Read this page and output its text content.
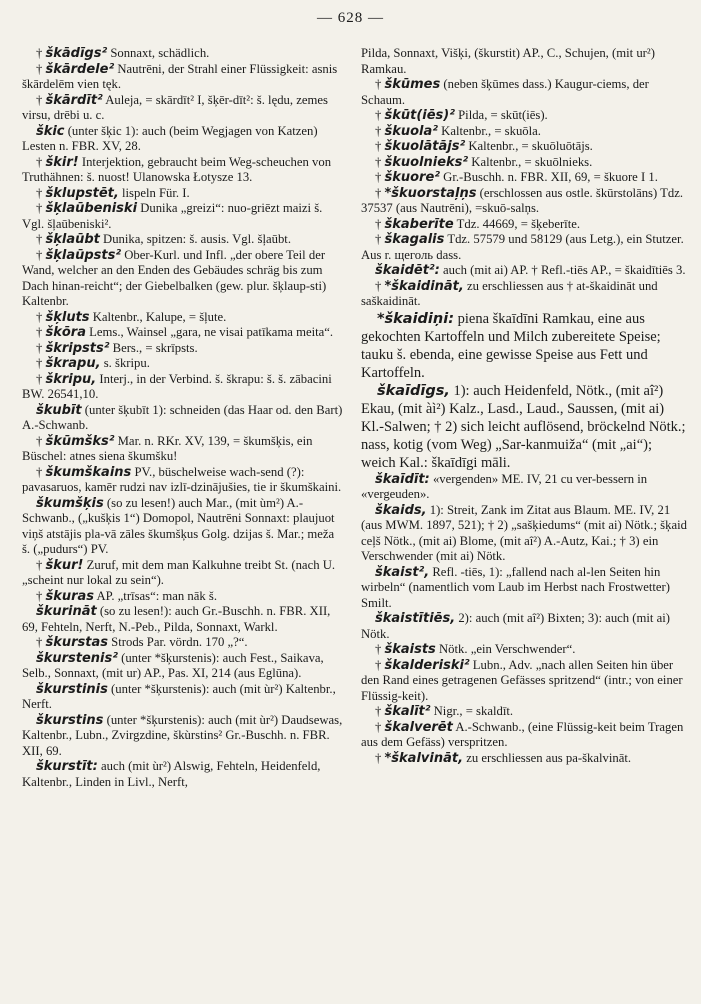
— 628 —

† škādīgs² Sonnaxt, schädlich.

† škārdele² Nautrēni, der Strahl einer Flüssigkeit: asnis škārdelēm vien tęk.

† škārdīt² Auleja, = skārdīt² I, šķēr-dīt²: š. lędu, zemes virsu, drēbi u. c.

škic (unter šķic 1): auch (beim Wegjagen von Katzen) Lesten n. FBR. XV, 28.

† škir! Interjektion, gebraucht beim Weg-scheuchen von Truthähnen: š. nuost! Ulanowska Łotysze 13.

† šklupstēt, lispeln Für. I.

† šķlaūbeniski Dunika „greizi“: nuo-griēzt maizi š. Vgl. šļaūbeniski².

† šķlaūbt Dunika, spitzen: š. ausis. Vgl. šļaūbt.

† šķlaūpsts² Ober-Kurl. und Infl. „der obere Teil der Wand, welcher an den Enden des Gebäudes schräg bis zum Dach hinan-reicht“; der Giebelbalken (gew. plur. šķlaup-sti) Kaltenbr.

† šķluts Kaltenbr., Kalupe, = šļute.

† škōra Lems., Wainsel „gara, ne visai patīkama meita“.

† škripsts² Bers., = skrīpsts.

† škrapu, s. škripu.

† škripu, Interj., in der Verbind. š. škrapu: š. š. zābacini BW. 26541,10.

škubīt (unter šķubīt 1): schneiden (das Haar od. den Bart) A.-Schwanb.

† škūmšks² Mar. n. RKr. XV, 139, = škumšķis, ein Büschel: atnes siena škumšku!

† škumškains PV., büschelweise wach-send (?): pavasaruos, kamēr rudzi nav izlī-dzinājušies, tie ir škumškaini.

škumšķis (so zu lesen!) auch Mar., (mit ùm²) A.-Schwanb., („kušķis 1“) Domopol, Nautrēni Sonnaxt: plaujuot viņš atstājis pla-vā zāles škumšķus Golg. dzijas š. Mar.; meža š. („pudurs“) PV.

† škur! Zuruf, mit dem man Kalkuhne treibt St. (nach U. „scheint nur lokal zu sein“).

† škuras AP. „trīsas“: man nāk š.

škurināt (so zu lesen!): auch Gr.-Buschh. n. FBR. XII, 69, Fehteln, Nerft, N.-Peb., Pilda, Sonnaxt, Warkl.

† škurstas Strods Par. vördn. 170 „?“.

škurstenis² (unter *šķurstenis): auch Fest., Saikava, Selb., Sonnaxt, (mit ur) AP., Pas. XI, 214 (aus Eglūna).

škurstinis (unter *šķurstenis): auch (mit ùr²) Kaltenbr., Nerft.

škurstins (unter *šķurstenis): auch (mit ùr²) Daudsewas, Kaltenbr., Lubn., Zvirgzdine, škùrstins² Gr.-Buschh. n. FBR. XII, 69.

škurstīt: auch (mit ùr²) Alswig, Fehteln, Heidenfeld, Kaltenbr., Linden in Livl., Nerft,

Pilda, Sonnaxt, Višķi, (škurstit) AP., C., Schujen, (mit ur²) Ramkau.

† škūmes (neben šķūmes dass.) Kaugur-ciems, der Schaum.

† škūt(iēs)² Pilda, = skūt(iēs).

† škuola² Kaltenbr., = skuōla.

† škuolātājs² Kaltenbr., = skuōluōtājs.

† škuolnieks² Kaltenbr., = skuōlnieks.

† škuore² Gr.-Buschh. n. FBR. XII, 69, = škuore I 1.

† *škuorstaļņs (erschlossen aus ostle. škūrstolāns) Tdz. 37537 (aus Nautrēni), =skuō-salņs.

† škaberīte Tdz. 44669, = šķeberīte.

† škagalis Tdz. 57579 und 58129 (aus Letg.), ein Stutzer. Aus r. щеголь dass.

škaidēt²: auch (mit ai) AP. † Refl.-tiēs AP., = škaidītiēs 3.

† *škaidināt, zu erschliessen aus † at-škaidināt und saškaidināt.

*škaidiņi: piena škaīdīni Ramkau, eine aus gekochten Kartoffeln und Milch zubereitete Speise; tauku š. ebenda, eine gewisse Speise aus Fett und Kartoffeln.

škaīdīgs, 1): auch Heidenfeld, Nötk., (mit aî²) Ekau, (mit àì²) Kalz., Lasd., Laud., Saussen, (mit ai) Kl.-Salwen; † 2) sich leicht auflösend, bröckelnd Nötk.; nass, kotig (vom Weg) „Sar-kanmuiža“ (mit „ai“); weich Kal.: škaīdīgi māli.

škaīdīt: «vergenden» ME. IV, 21 cu ver-bessern in «vergeuden».

škaids, 1): Streit, Zank im Zitat aus Blaum. ME. IV, 21 (aus MWM. 1897, 521); † 2) „sašķiedums“ (mit ai) Nötk.; šķaid ceļš Nötk., (mit ai) Blome, (mit aî²) A.-Autz, Kai.; † 3) ein Verschwender (mit ai) Nötk.

škaist², Refl. -tiēs, 1): „fallend nach al-len Seiten hin wirbeln“ (namentlich vom Laub im Herbst nach Frostwetter) Smilt.

škaistītiēs, 2): auch (mit aî²) Bixten; 3): auch (mit ai) Nötk.

† škaists Nötk. „ein Verschwender“.

† škalderiski² Lubn., Adv. „nach allen Seiten hin über den Rand eines getragenen Gefässes spritzend“ (intr.; von einer Flüssig-keit).

† škalīt² Nigr., = skaldīt.

† škalverēt A.-Schwanb., (eine Flüssig-keit beim Tragen aus dem Gefäss) verspritzen.

† *škalvināt, zu erschliessen aus pa-škalvināt.
